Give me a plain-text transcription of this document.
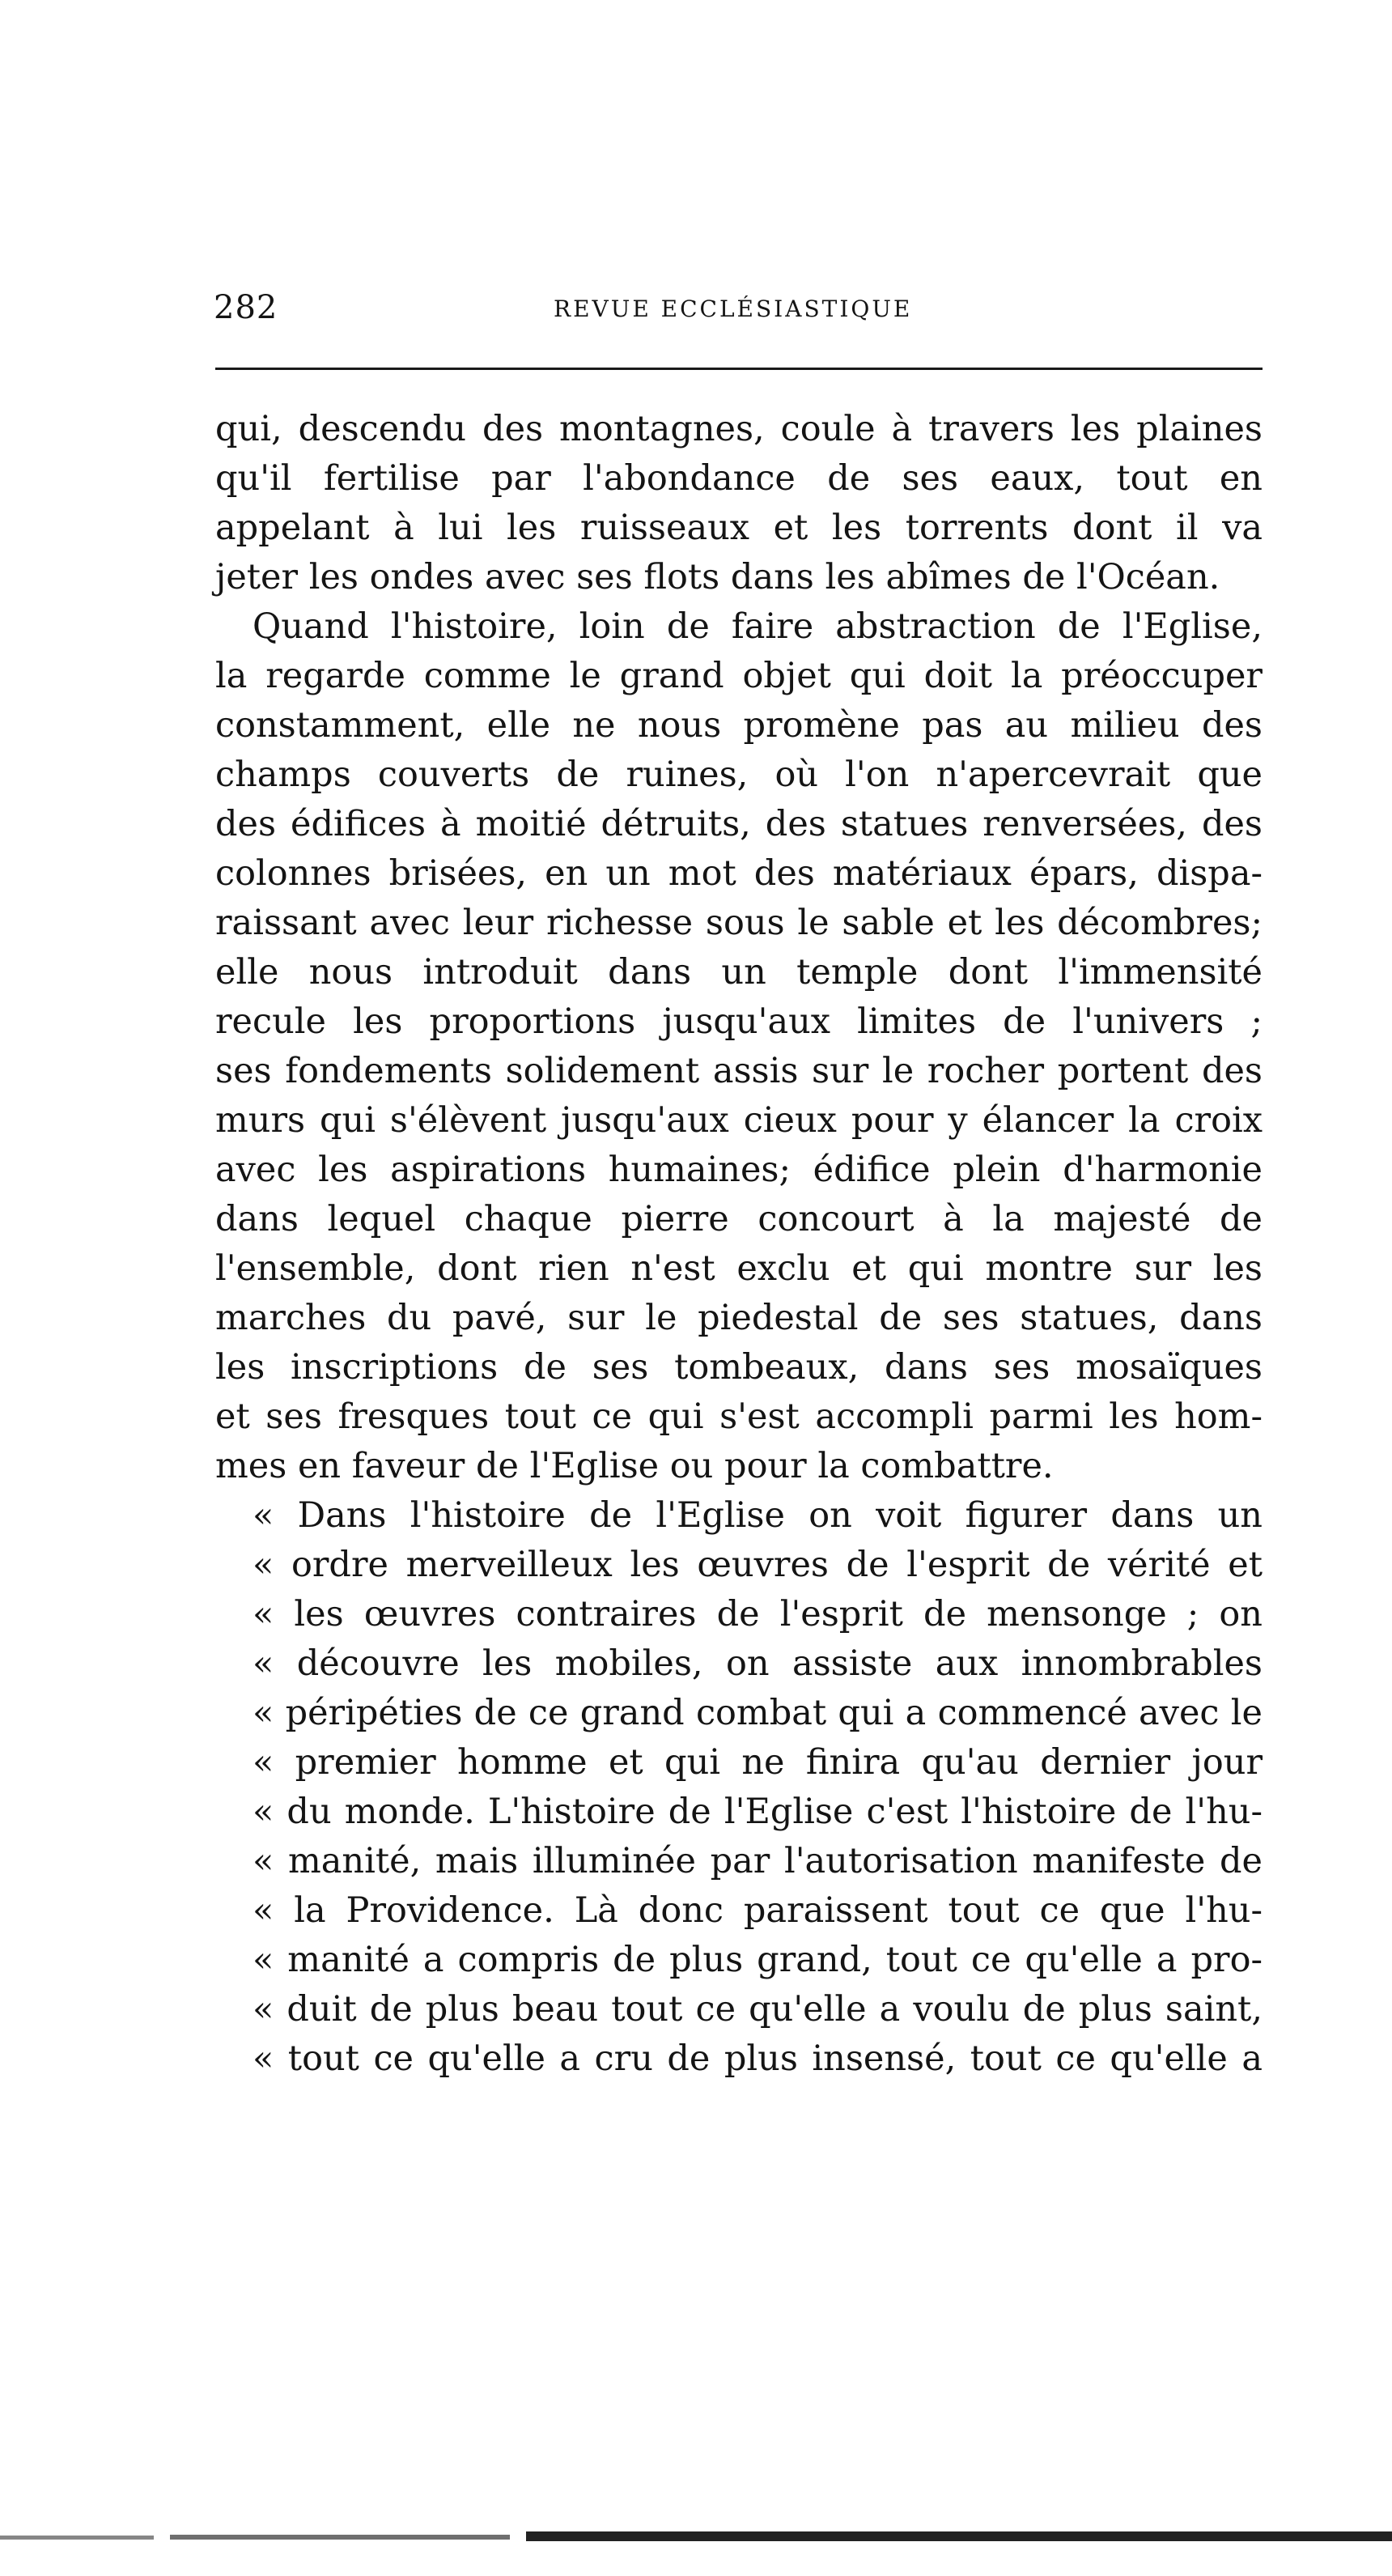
282	REVUE ECCLÉSIASTIQUE
qui, descendu des montagnes, coule à travers les plaines
qu'il fertilise par l'abondance de ses eaux, tout en
appelant à lui les ruisseaux et les torrents dont il va
jeter les ondes avec ses flots dans les abîmes de l'Océan.
Quand l'histoire, loin de faire abstraction de l'Eglise,
la regarde comme le grand objet qui doit la préoccuper
constamment, elle ne nous promène pas au milieu des
champs couverts de ruines, où l'on n'apercevrait que
des édifices à moitié détruits, des statues renversées, des
colonnes brisées, en un mot des matériaux épars, dispa-
raissant avec leur richesse sous le sable et les décombres;
elle nous introduit dans un temple dont l'immensité
recule les proportions jusqu'aux limites de l'univers ;
ses fondements solidement assis sur le rocher portent des
murs qui s'élèvent jusqu'aux cieux pour y élancer la croix
avec les aspirations humaines; édifice plein d'harmonie
dans lequel chaque pierre concourt à la majesté de
l'ensemble, dont rien n'est exclu et qui montre sur les
marches du pavé, sur le piedestal de ses statues, dans
les inscriptions de ses tombeaux, dans ses mosaïques
et ses fresques tout ce qui s'est accompli parmi les hom-
mes en faveur de l'Eglise ou pour la combattre.
« Dans l'histoire de l'Eglise on voit figurer dans un
« ordre merveilleux les œuvres de l'esprit de vérité et
« les œuvres contraires de l'esprit de mensonge ; on
« découvre les mobiles, on assiste aux innombrables
« péripéties de ce grand combat qui a commencé avec le
« premier homme et qui ne finira qu'au dernier jour
« du monde. L'histoire de l'Eglise c'est l'histoire de l'hu-
« manité, mais illuminée par l'autorisation manifeste de
« la Providence. Là donc paraissent tout ce que l'hu-
« manité a compris de plus grand, tout ce qu'elle a pro-
« duit de plus beau tout ce qu'elle a voulu de plus saint,
« tout ce qu'elle a cru de plus insensé, tout ce qu'elle a
